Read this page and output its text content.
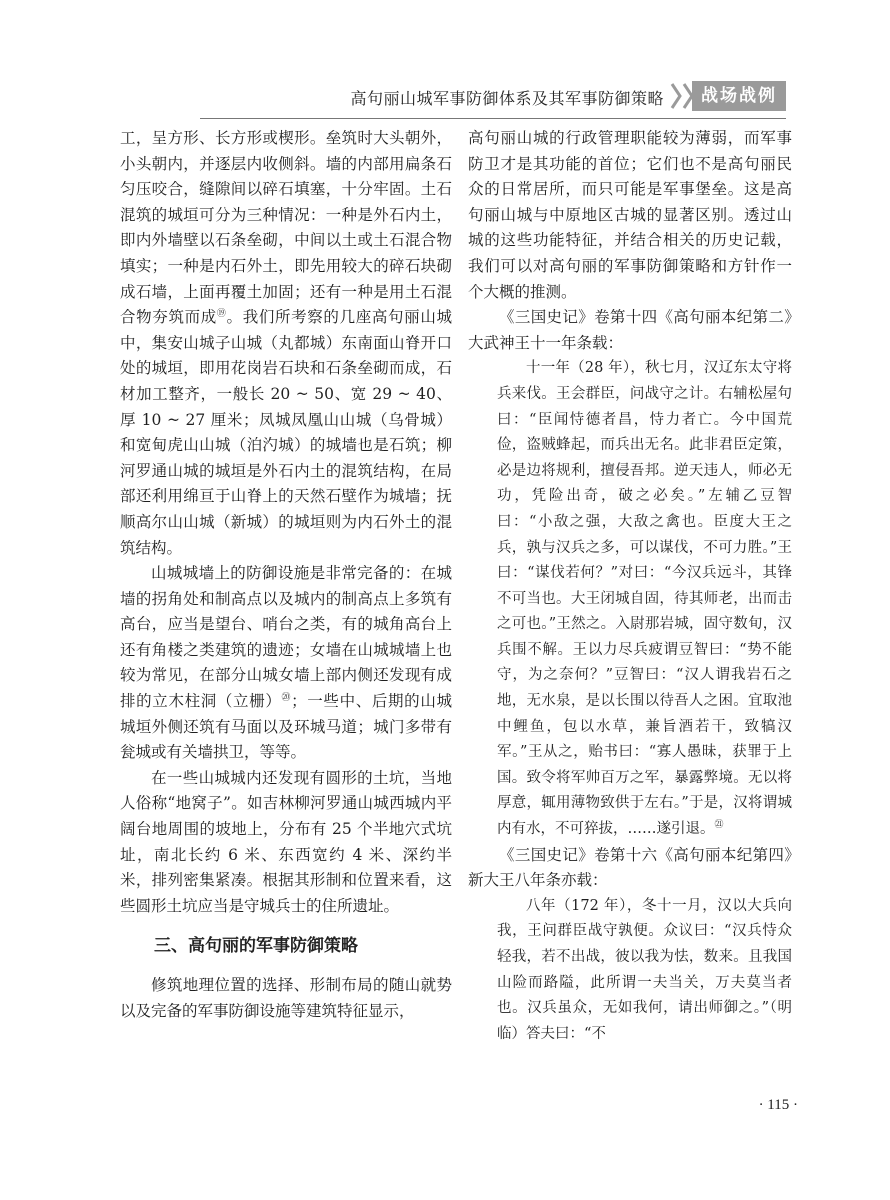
高句丽山城军事防御体系及其军事防御策略	战场战例

工，呈方形、长方形或楔形。垒筑时大头朝外，小头朝内，并逐层内收侧斜。墙的内部用扁条石匀压咬合，缝隙间以碎石填塞，十分牢固。土石混筑的城垣可分为三种情况：一种是外石内土，即内外墙壁以石条垒砌，中间以土或土石混合物填实；一种是内石外土，即先用较大的碎石块砌成石墙，上面再覆土加固；还有一种是用土石混合物夯筑而成⑲。我们所考察的几座高句丽山城中，集安山城子山城（丸都城）东南面山脊开口处的城垣，即用花岗岩石块和石条垒砌而成，石材加工整齐，一般长 20 ~ 50、宽 29 ~ 40、厚 10 ~ 27 厘米；凤城凤凰山山城（乌骨城）和宽甸虎山山城（泊汋城）的城墙也是石筑；柳河罗通山城的城垣是外石内土的混筑结构，在局部还利用绵亘于山脊上的天然石壁作为城墙；抚顺高尔山山城（新城）的城垣则为内石外土的混筑结构。

山城城墙上的防御设施是非常完备的：在城墙的拐角处和制高点以及城内的制高点上多筑有高台，应当是望台、哨台之类，有的城角高台上还有角楼之类建筑的遗迹；女墙在山城城墙上也较为常见，在部分山城女墙上部内侧还发现有成排的立木柱洞（立栅）⑳；一些中、后期的山城城垣外侧还筑有马面以及环城马道；城门多带有瓮城或有关墙拱卫，等等。

在一些山城城内还发现有圆形的土坑，当地人俗称“地窝子”。如吉林柳河罗通山城西城内平阔台地周围的坡地上，分布有 25 个半地穴式坑址，南北长约 6 米、东西宽约 4 米、深约半米，排列密集紧凑。根据其形制和位置来看，这些圆形土坑应当是守城兵士的住所遗址。

三、高句丽的军事防御策略

修筑地理位置的选择、形制布局的随山就势以及完备的军事防御设施等建筑特征显示，

高句丽山城的行政管理职能较为薄弱，而军事防卫才是其功能的首位；它们也不是高句丽民众的日常居所，而只可能是军事堡垒。这是高句丽山城与中原地区古城的显著区别。透过山城的这些功能特征，并结合相关的历史记载，我们可以对高句丽的军事防御策略和方针作一个大概的推测。

《三国史记》卷第十四《高句丽本纪第二》大武神王十一年条载：

十一年（28 年），秋七月，汉辽东太守将兵来伐。王会群臣，问战守之计。右辅松屋句曰：“臣闻恃德者昌，恃力者亡。今中国荒俭，盗贼蜂起，而兵出无名。此非君臣定策，必是边将规利，擅侵吾邦。逆天违人，师必无功，凭险出奇，破之必矣。”左辅乙豆智曰：“小敌之强，大敌之禽也。臣度大王之兵，孰与汉兵之多，可以谋伐，不可力胜。”王曰：“谋伐若何？”对曰：“今汉兵远斗，其锋不可当也。大王闭城自固，待其师老，出而击之可也。”王然之。入尉那岩城，固守数旬，汉兵围不解。王以力尽兵疲谓豆智曰：“势不能守，为之奈何？”豆智曰：“汉人谓我岩石之地，无水泉，是以长围以待吾人之困。宜取池中鲤鱼，包以水草，兼旨酒若干，致犒汉军。”王从之，贻书曰：“寡人愚昧，获罪于上国。致令将军帅百万之军，暴露弊境。无以将厚意，辄用薄物致供于左右。”于是，汉将谓城内有水，不可猝拔，……遂引退。$^㉑$

《三国史记》卷第十六《高句丽本纪第四》新大王八年条亦载：

八年（172 年），冬十一月，汉以大兵向我，王问群臣战守孰便。众议曰：“汉兵恃众轻我，若不出战，彼以我为怯，数来。且我国山险而路隘，此所谓一夫当关，万夫莫当者也。汉兵虽众，无如我何，请出师御之。”（明临）答夫曰：“不

· 115 ·
